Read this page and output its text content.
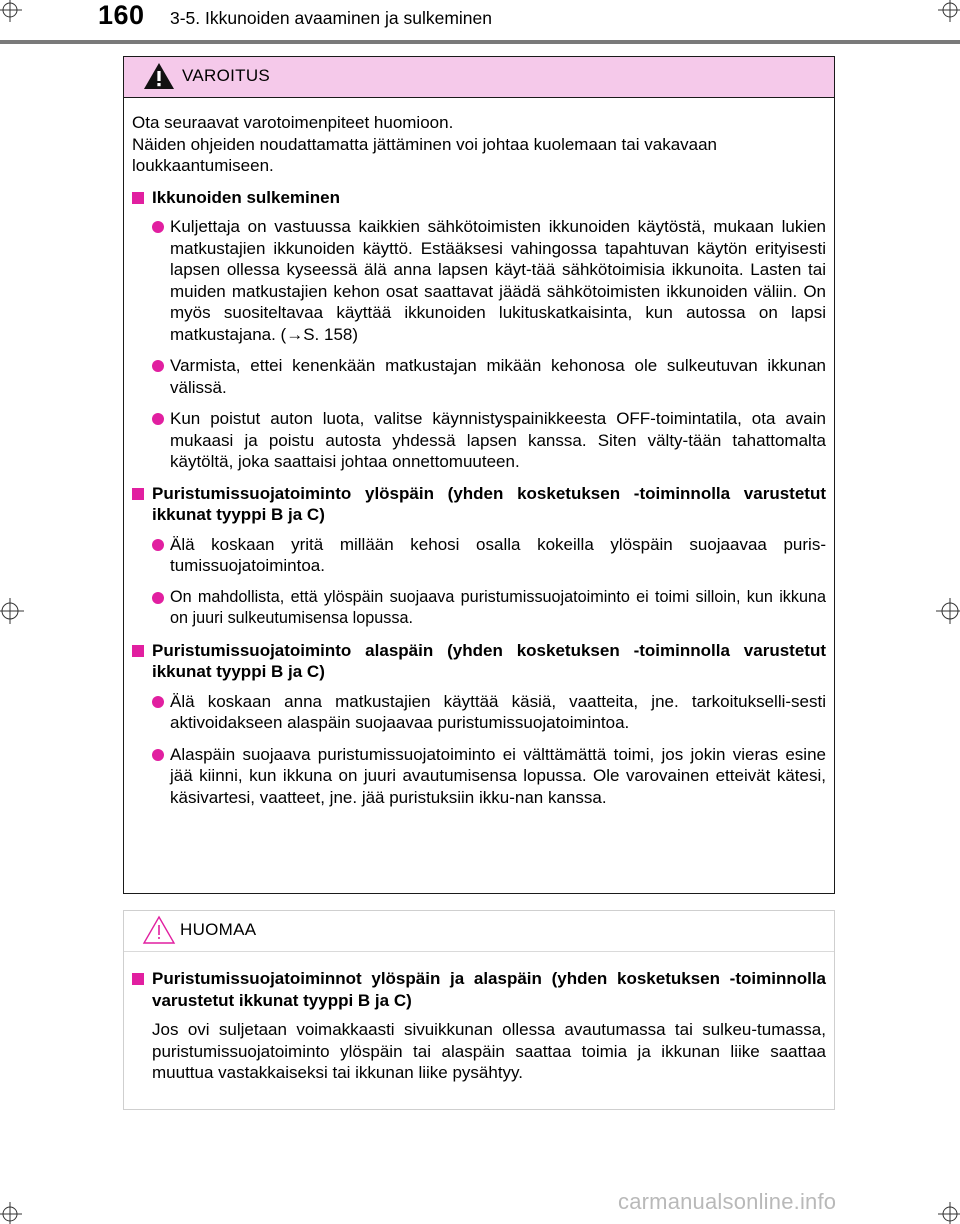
160 3-5. Ikkunoiden avaaminen ja sulkeminen
VAROITUS
Ota seuraavat varotoimenpiteet huomioon.
Näiden ohjeiden noudattamatta jättäminen voi johtaa kuolemaan tai vakavaan loukkaantumiseen.
Ikkunoiden sulkeminen
Kuljettaja on vastuussa kaikkien sähkötoimisten ikkunoiden käytöstä, mukaan lukien matkustajien ikkunoiden käyttö. Estääksesi vahingossa tapahtuvan käytön erityisesti lapsen ollessa kyseessä älä anna lapsen käyt-tää sähkötoimisia ikkunoita. Lasten tai muiden matkustajien kehon osat saattavat jäädä sähkötoimisten ikkunoiden väliin. On myös suositeltavaa käyttää ikkunoiden lukituskatkaisinta, kun autossa on lapsi matkustajana. (→S. 158)
Varmista, ettei kenenkään matkustajan mikään kehonosa ole sulkeutuvan ikkunan välissä.
Kun poistut auton luota, valitse käynnistyspainikkeesta OFF-toimintatila, ota avain mukaasi ja poistu autosta yhdessä lapsen kanssa. Siten välty-tään tahattomalta käytöltä, joka saattaisi johtaa onnettomuuteen.
Puristumissuojatoiminto ylöspäin (yhden kosketuksen -toiminnolla varustetut ikkunat tyyppi B ja C)
Älä koskaan yritä millään kehosi osalla kokeilla ylöspäin suojaavaa puris-tumissuojatoimintoa.
On mahdollista, että ylöspäin suojaava puristumissuojatoiminto ei toimi silloin, kun ikkuna on juuri sulkeutumisensa lopussa.
Puristumissuojatoiminto alaspäin (yhden kosketuksen -toiminnolla varustetut ikkunat tyyppi B ja C)
Älä koskaan anna matkustajien käyttää käsiä, vaatteita, jne. tarkoitukselli-sesti aktivoidakseen alaspäin suojaavaa puristumissuojatoimintoa.
Alaspäin suojaava puristumissuojatoiminto ei välttämättä toimi, jos jokin vieras esine jää kiinni, kun ikkuna on juuri avautumisensa lopussa. Ole varovainen etteivät kätesi, käsivartesi, vaatteet, jne. jää puristuksiin ikku-nan kanssa.
HUOMAA
Puristumissuojatoiminnot ylöspäin ja alaspäin (yhden kosketuksen -toiminnolla varustetut ikkunat tyyppi B ja C)
Jos ovi suljetaan voimakkaasti sivuikkunan ollessa avautumassa tai sulkeu-tumassa, puristumissuojatoiminto ylöspäin tai alaspäin saattaa toimia ja ikkunan liike saattaa muuttua vastakkaiseksi tai ikkunan liike pysähtyy.
carmanualsonline.info
